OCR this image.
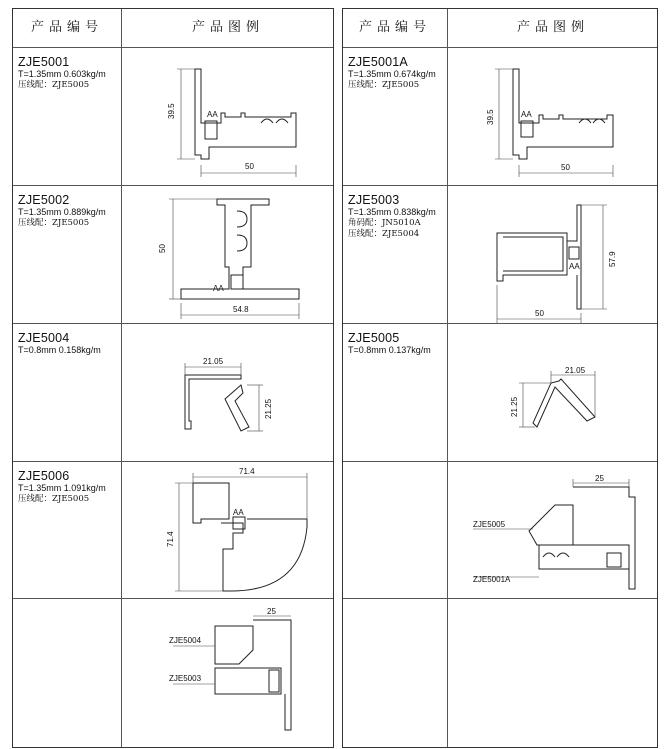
产品编号	产品图例
ZJE5001
T=1.35mm 0.603kg/m
压线配：ZJE5005
39.5
50
AA
ZJE5002
T=1.35mm 0.889kg/m
压线配：ZJE5005
50
54.8
AA
ZJE5004
T=0.8mm 0.158kg/m
21.05
21.25
ZJE5006
T=1.35mm 1.091kg/m
压线配：ZJE5005
71.4
71.4
AA
25
ZJE5004
ZJE5003
产品编号	产品图例
ZJE5001A
T=1.35mm 0.674kg/m
压线配：ZJE5005
39.5
50
AA
ZJE5003
T=1.35mm 0.838kg/m
角码配：JN5010A
压线配：ZJE5004
57.9
50
AA
ZJE5005
T=0.8mm 0.137kg/m
21.05
21.25
25
ZJE5005
ZJE5001A
